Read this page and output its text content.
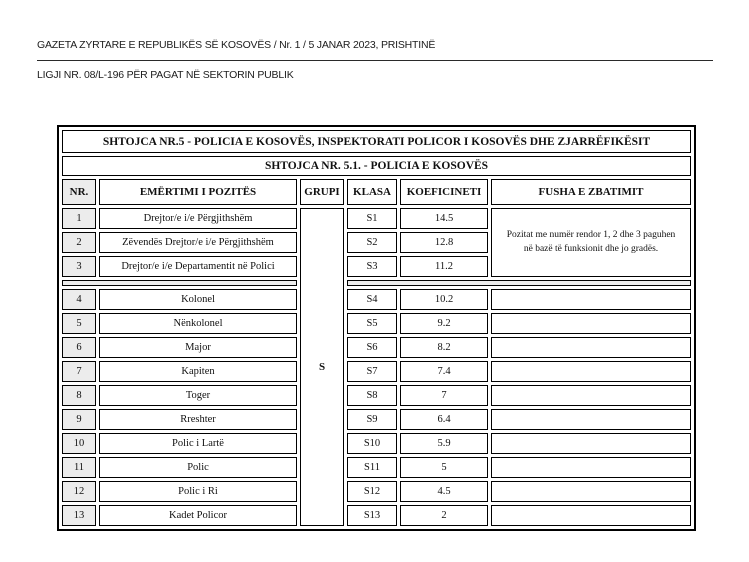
GAZETA ZYRTARE E REPUBLIKËS SË KOSOVËS / Nr. 1 / 5 JANAR 2023, PRISHTINË
LIGJI NR. 08/L-196 PËR PAGAT NË SEKTORIN PUBLIK
SHTOJCA NR.5 - POLICIA E KOSOVËS, INSPEKTORATI POLICOR I KOSOVËS DHE ZJARRËFIKËSIT					
SHTOJCA NR. 5.1. - POLICIA E KOSOVËS					
NR.	EMËRTIMI I POZITËS	GRUPI	KLASA	KOEFICINETI	FUSHA E ZBATIMIT
1	Drejtor/e i/e Përgjithshëm	S	S1	14.5	Pozitat me numër rendor 1, 2 dhe 3 paguhen në bazë të funksionit dhe jo gradës.
2	Zëvendës Drejtor/e i/e Përgjithshëm		S2	12.8	
3	Drejtor/e i/e Departamentit në Polici		S3	11.2	

4	Kolonel		S4	10.2	
5	Nënkolonel		S5	9.2	
6	Major		S6	8.2	
7	Kapiten		S7	7.4	
8	Toger		S8	7	
9	Rreshter		S9	6.4	
10	Polic i Lartë		S10	5.9	
11	Polic		S11	5	
12	Polic i Ri		S12	4.5	
13	Kadet Policor		S13	2	
